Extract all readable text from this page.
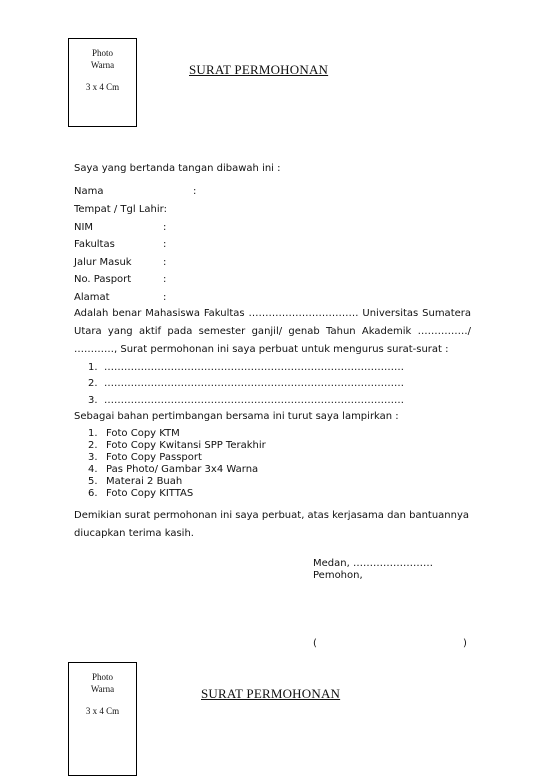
Photo
Warna
3 x 4 Cm
SURAT PERMOHONAN
Saya yang bertanda tangan dibawah ini :
Nama	:
Tempat / Tgl Lahir:
NIM	:
Fakultas	:
Jalur Masuk	:
No. Pasport	:
Alamat	:
Adalah benar Mahasiswa Fakultas …………………………… Universitas Sumatera
Utara yang aktif pada semester ganjil/ genab Tahun Akademik ……………/
…………, Surat permohonan ini saya perbuat untuk mengurus surat-surat :
1. ………………………………………………………………………………
2. ………………………………………………………………………………
3. ………………………………………………………………………………
Sebagai bahan pertimbangan bersama ini turut saya lampirkan :
1. Foto Copy KTM
2. Foto Copy Kwitansi SPP Terakhir
3. Foto Copy Passport
4. Pas Photo/ Gambar 3x4 Warna
5. Materai 2 Buah
6. Foto Copy KITTAS
Demikian surat permohonan ini saya perbuat, atas kerjasama dan bantuannya
diucapkan terima kasih.
Medan, ……………………
Pemohon,
(	)
Photo
Warna
3 x 4 Cm
SURAT PERMOHONAN
